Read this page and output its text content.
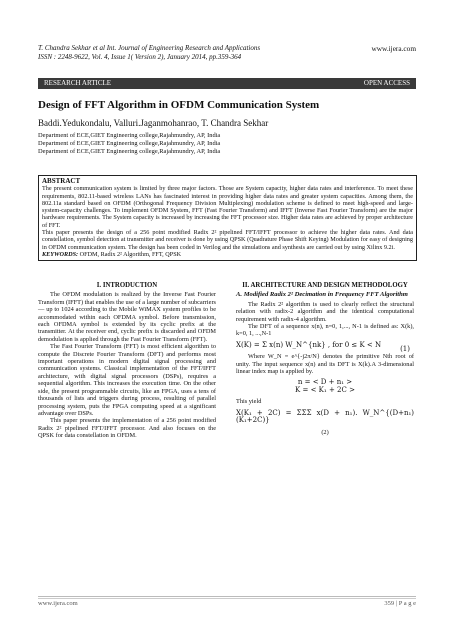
T. Chandra Sekhar et al Int. Journal of Engineering Research and Applications
ISSN : 2248-9622, Vol. 4, Issue 1( Version 2), January 2014, pp.359-364
www.ijera.com
RESEARCH ARTICLE	OPEN ACCESS
Design of FFT Algorithm in OFDM Communication System
Baddi.Yedukondalu, Valluri.Jaganmohanrao, T. Chandra Sekhar
Department of ECE,GIET Engineering college,Rajahmundry, AP, India
Department of ECE,GIET Engineering college,Rajahmundry, AP, India
Department of ECE,GIET Engineering college,Rajahmundry, AP, India
ABSTRACT
The present communication system is limited by three major factors. Those are System capacity, higher data rates and interference. To meet these requirements, 802.11-based wireless LANs has fascinated interest in providing higher data rates and greater system capacities. Among them, the 802.11a standard based on OFDM (Orthogonal Frequency Division Multiplexing) modulation scheme is defined to meet high-speed and large-system-capacity challenges. To implement OFDM System, FFT (Fast Fourier Transform) and IFFT (Inverse Fast Fourier Transform) are the major hardware requirements. The System capacity is increased by increasing the FFT processor size. Higher data rates are achieved by proper architecture of FFT.
This paper presents the design of a 256 point modified Radix 2² pipelined FFT/IFFT processor to achieve the higher data rates. And data constellation, symbol detection at transmitter and receiver is done by using QPSK (Quadrature Phase Shift Keying) Modulation for easy of designing in OFDM communication system. The design has been coded in Verilog and the simulations and synthesis are carried out by using Xilinx 9.2i.
KEYWORDS: OFDM, Radix 2² Algorithm, FFT, QPSK
I. INTRODUCTION

The OFDM modulation is realized by the Inverse Fast Fourier Transform (IFFT) that enables the use of a large number of subcarriers— up to 1024 according to the Mobile WiMAX system profiles to be accommodated within each OFDMA symbol. Before transmission, each OFDMA symbol is extended by its cyclic prefix at the transmitter. At the receiver end, cyclic prefix is discarded and OFDM demodulation is applied through the Fast Fourier Transform (FFT).

The Fast Fourier Transform (FFT) is most efficient algorithm to compute the Discrete Fourier Transform (DFT) and performs most important operations in modern digital signal processing and communication systems. Classical implementation of the FFT/IFFT architecture, with digital signal processors (DSPs), requires a sequential algorithm. This increases the execution time. On the other side, the present programmable circuits, like an FPGA, uses a tens of thousands of lists and triggers during process, resulting of parallel processing system, puts the FPGA computing speed at a significant advantage over DSPs.

This paper presents the implementation of a 256 point modified Radix 2² pipelined FFT/IFFT processor. And also focuses on the QPSK for data constellation in OFDM.

II. ARCHITECTURE AND DESIGN METHODOLOGY
A. Modified Radix 2² Decimation in Frequency FFT Algorithm

The Radix 2² algorithm is used to clearly reflect the structural relation with radix-2 algorithm and the identical computational requirement with radix-4 algorithm.

The DFT of a sequence x(n), n=0, 1,..., N-1 is defined as: X(k), k=0, 1, ...,N-1

X(K) = Σ x(n) W_N^{nk} , for 0 ≤ K < N	(1)

Where W_N = e^{-j2π/N} denotes the primitive Nth root of unity. The input sequence x(n) and its DFT is X(k).A 3-dimensional linear index map is applied by.

n = < D + n₁ >
K = < K₁ + 2C >
This yield
X(K₁ + 2C) = ΣΣΣ x(D + n₁). W_N^{(D+n₁)(K₁+2C)}
(2)
www.ijera.com	359 | P a g e
